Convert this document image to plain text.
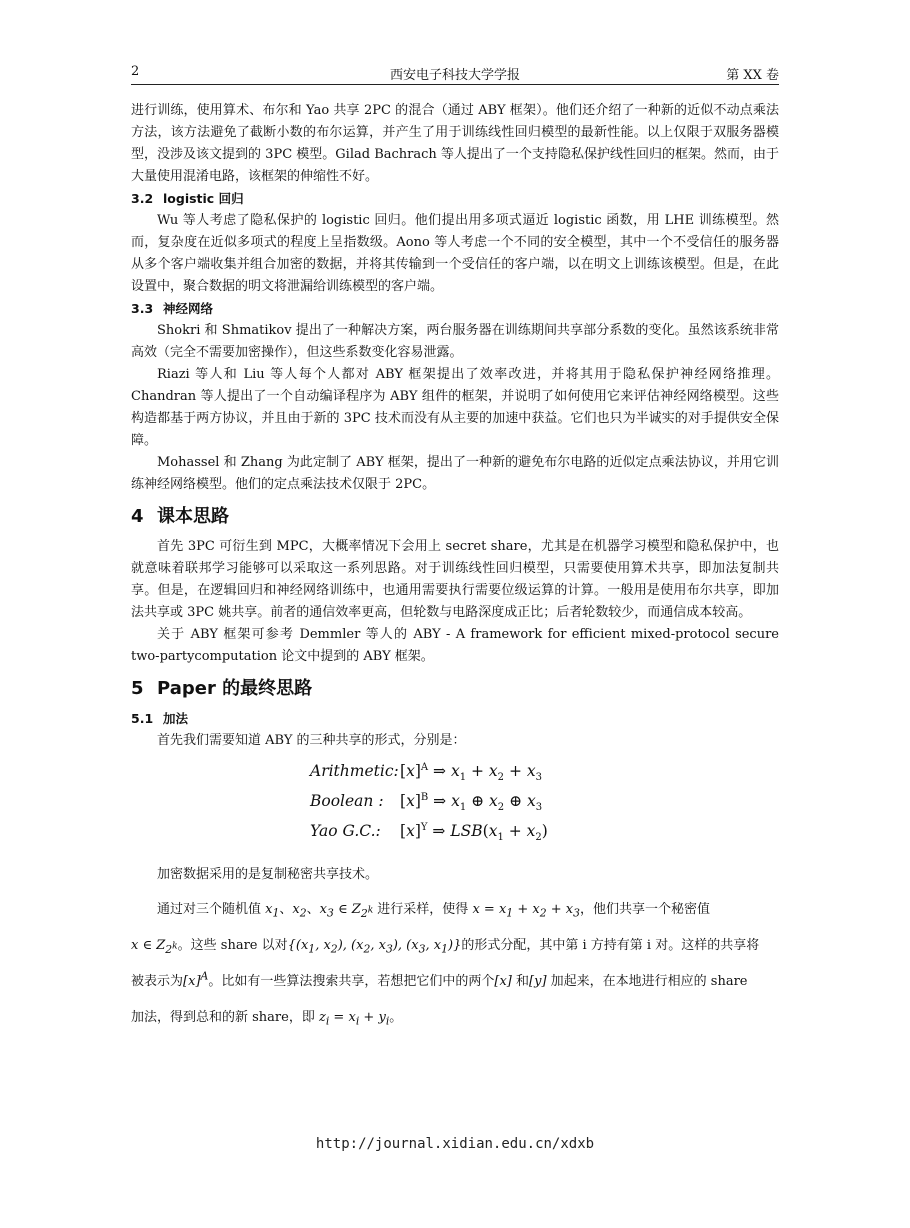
2	西安电子科技大学学报	第 XX 卷

进行训练，使用算术、布尔和 Yao 共享 2PC 的混合（通过 ABY 框架）。他们还介绍了一种新的近似不动点乘法方法，该方法避免了截断小数的布尔运算，并产生了用于训练线性回归模型的最新性能。以上仅限于双服务器模型，没涉及该文提到的 3PC 模型。Gilad Bachrach 等人提出了一个支持隐私保护线性回归的框架。然而，由于大量使用混淆电路，该框架的伸缩性不好。

3.2 logistic 回归

Wu 等人考虑了隐私保护的 logistic 回归。他们提出用多项式逼近 logistic 函数，用 LHE 训练模型。然而，复杂度在近似多项式的程度上呈指数级。Aono 等人考虑一个不同的安全模型，其中一个不受信任的服务器从多个客户端收集并组合加密的数据，并将其传输到一个受信任的客户端，以在明文上训练该模型。但是，在此设置中，聚合数据的明文将泄漏给训练模型的客户端。

3.3 神经网络

Shokri 和 Shmatikov 提出了一种解决方案，两台服务器在训练期间共享部分系数的变化。虽然该系统非常高效（完全不需要加密操作），但这些系数变化容易泄露。

Riazi 等人和 Liu 等人每个人都对 ABY 框架提出了效率改进，并将其用于隐私保护神经网络推理。Chandran 等人提出了一个自动编译程序为 ABY 组件的框架，并说明了如何使用它来评估神经网络模型。这些构造都基于两方协议，并且由于新的 3PC 技术而没有从主要的加速中获益。它们也只为半诚实的对手提供安全保障。

Mohassel 和 Zhang 为此定制了 ABY 框架，提出了一种新的避免布尔电路的近似定点乘法协议，并用它训练神经网络模型。他们的定点乘法技术仅限于 2PC。

4 课本思路

首先 3PC 可衍生到 MPC，大概率情况下会用上 secret share，尤其是在机器学习模型和隐私保护中，也就意味着联邦学习能够可以采取这一系列思路。对于训练线性回归模型，只需要使用算术共享，即加法复制共享。但是，在逻辑回归和神经网络训练中，也通用需要执行需要位级运算的计算。一般用是使用布尔共享，即加法共享或 3PC 姚共享。前者的通信效率更高，但轮数与电路深度成正比；后者轮数较少，而通信成本较高。

关于 ABY 框架可参考 Demmler 等人的 ABY - A framework for efficient mixed-protocol secure two-partycomputation 论文中提到的 ABY 框架。

5 Paper 的最终思路
5.1 加法

首先我们需要知道 ABY 的三种共享的形式，分别是：

Arithmetic: $[x]^A$ ⇒ $x_1 + x_2 + x_3$
Boolean :	$[x]^B$ ⇒ $x_1$ ⊕ $x_2$ ⊕ $x_3$
Yao G.C.:	$[x]^Y$ ⇒ $LSB(x_1 + x_2)$

加密数据采用的是复制秘密共享技术。

通过对三个随机值 $x_1$、$x_2$、$x_3$ ∈ $Z_{2^k}$ 进行采样，使得 $x = x_1 + x_2 + x_3$，他们共享一个秘密值

x ∈ $Z_{2^k}$。这些 share 以对{($x_1$, $x_2$), ($x_2$, $x_3$), ($x_3$, $x_1$)}的形式分配，其中第 i 方持有第 i 对。这样的共享将

被表示为$[x]^A$。比如有一些算法搜索共享，若想把它们中的两个[x] 和[y] 加起来，在本地进行相应的 share

加法，得到总和的新 share，即 $z_i = x_i + y_i$。

http://journal.xidian.edu.cn/xdxb
